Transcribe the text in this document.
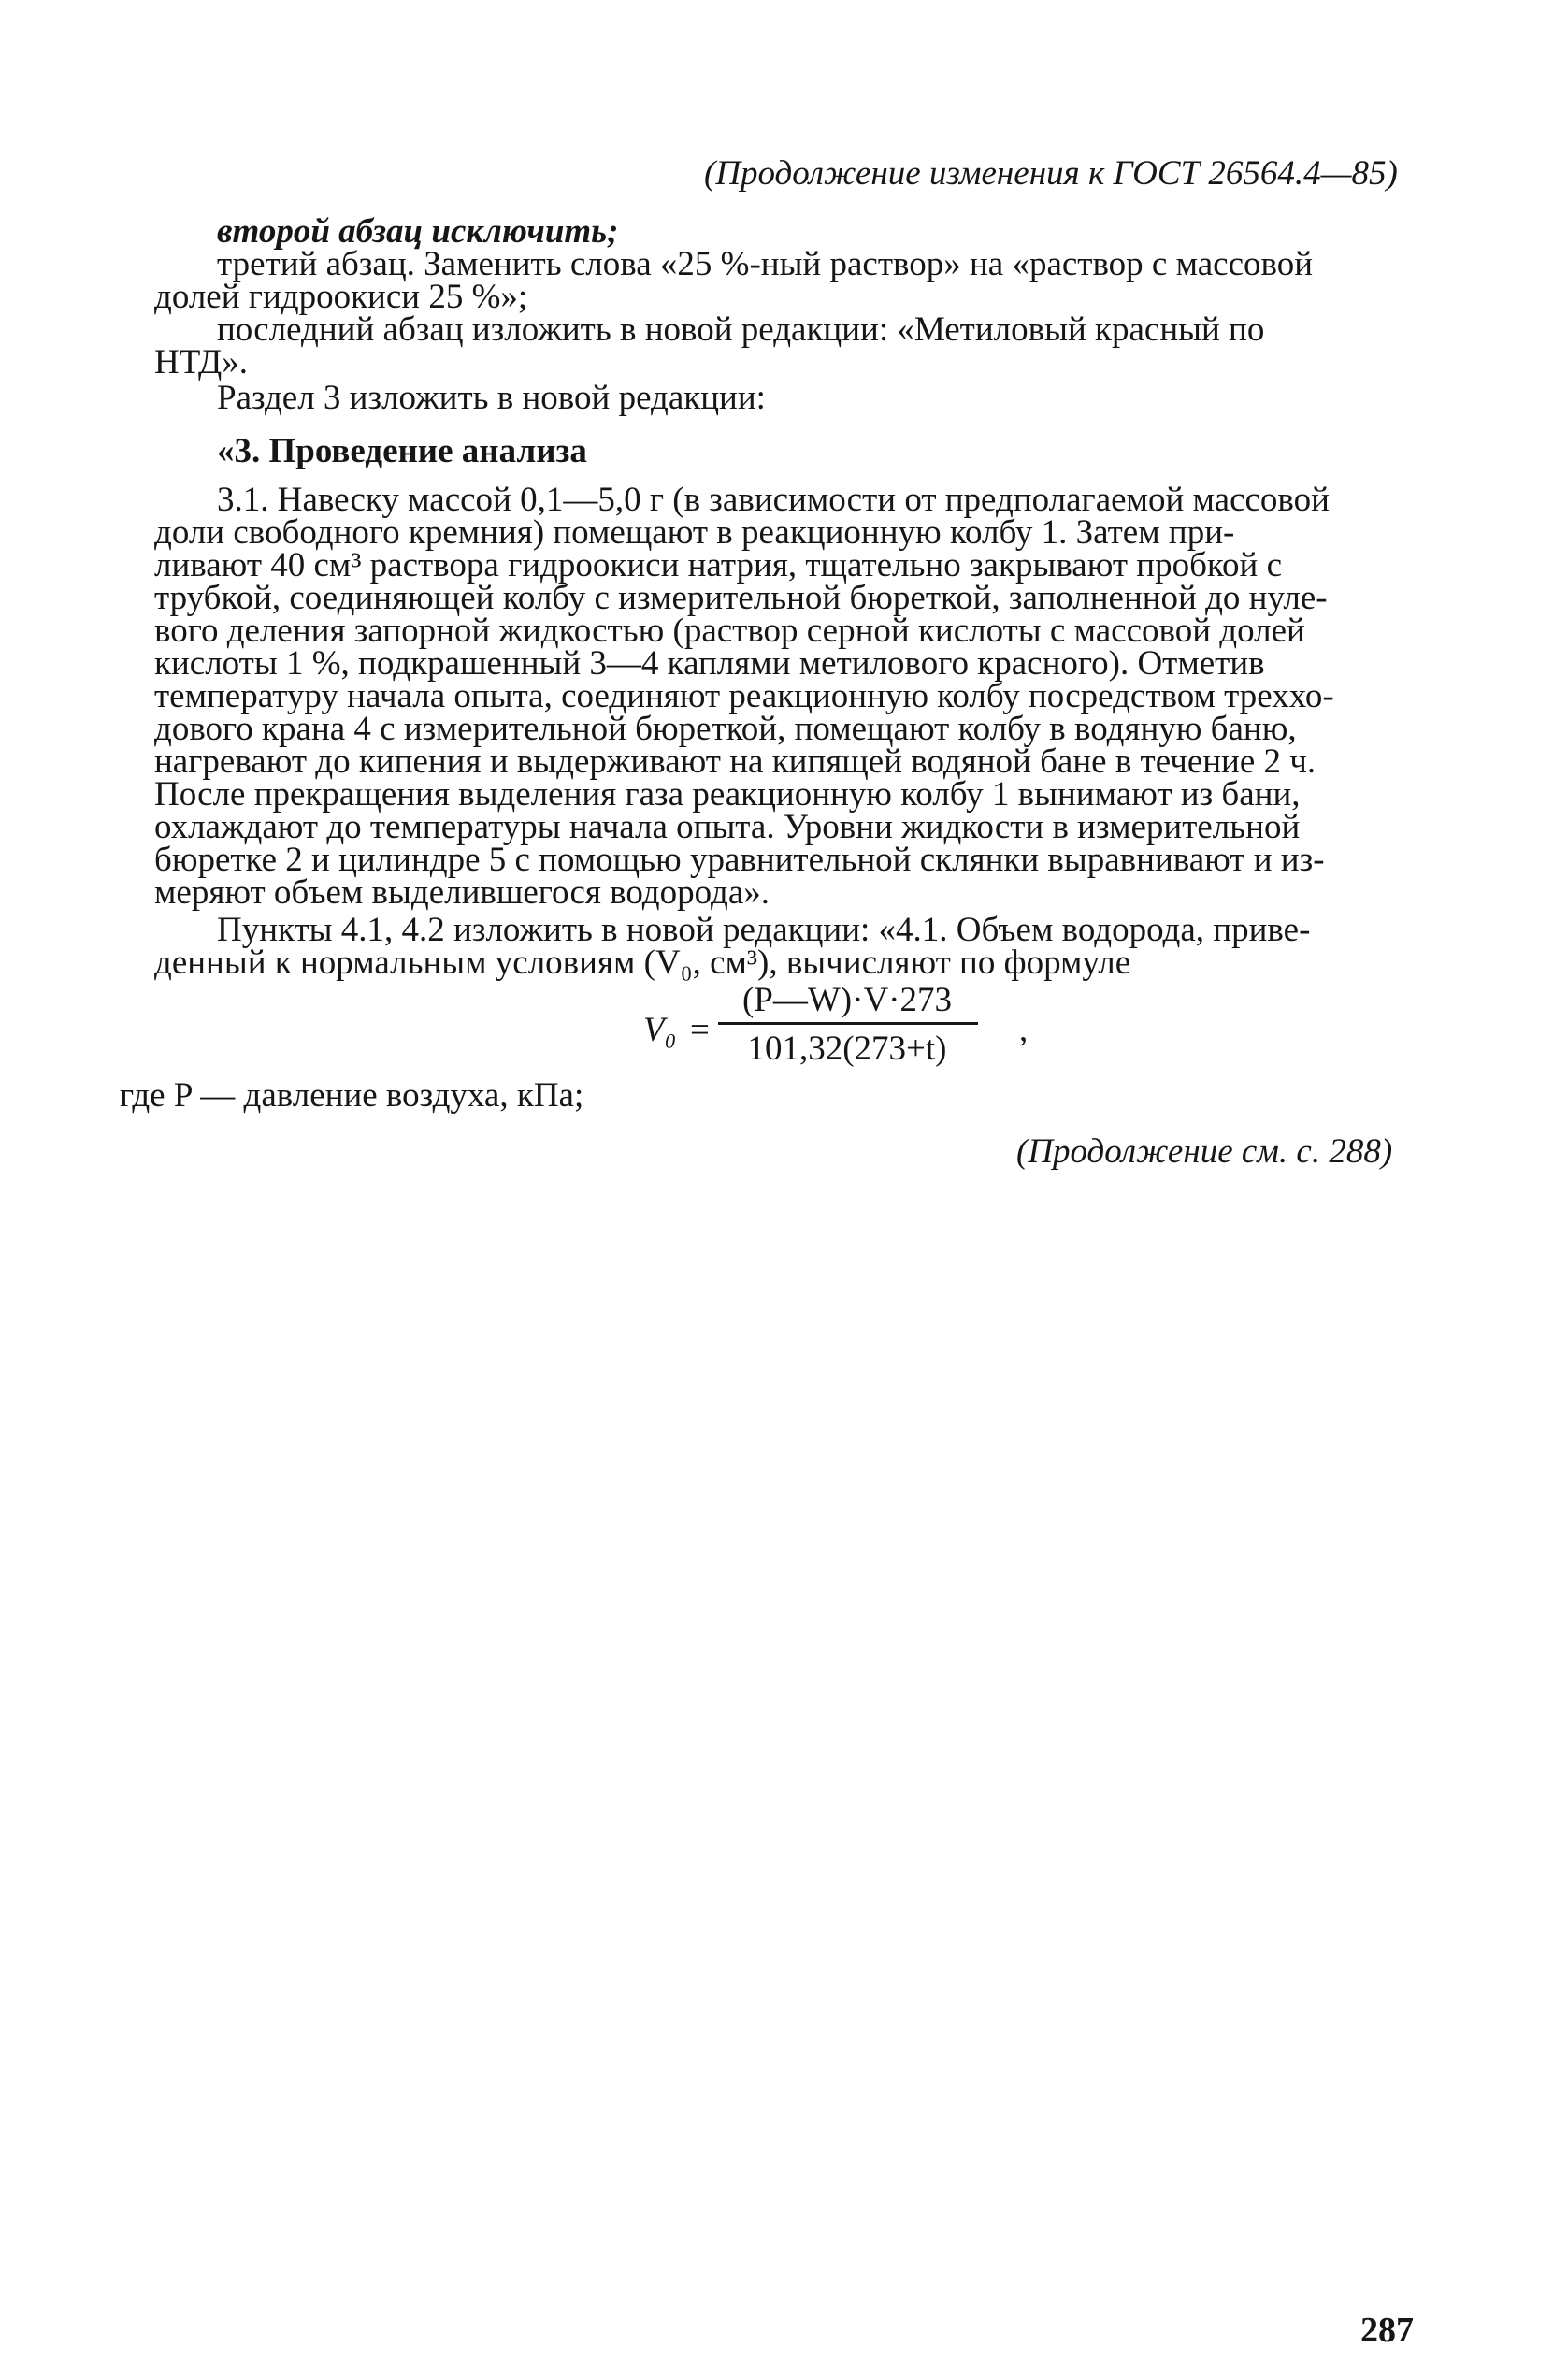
(Продолжение изменения к ГОСТ 26564.4—85)
второй абзац исключить;
третий абзац. Заменить слова «25 %-ный раствор» на «раствор с массовой
долей гидроокиси 25 %»;
последний абзац изложить в новой редакции: «Метиловый красный по
НТД».
Раздел 3 изложить в новой редакции:
«3. Проведение анализа
3.1. Навеску массой 0,1—5,0 г (в зависимости от предполагаемой массовой
доли свободного кремния) помещают в реакционную колбу 1. Затем при-
ливают 40 см³ раствора гидроокиси натрия, тщательно закрывают пробкой с
трубкой, соединяющей колбу с измерительной бюреткой, заполненной до нуле-
вого деления запорной жидкостью (раствор серной кислоты с массовой долей
кислоты 1 %, подкрашенный 3—4 каплями метилового красного). Отметив
температуру начала опыта, соединяют реакционную колбу посредством треххо-
дового крана 4 с измерительной бюреткой, помещают колбу в водяную баню,
нагревают до кипения и выдерживают на кипящей водяной бане в течение 2 ч.
После прекращения выделения газа реакционную колбу 1 вынимают из бани,
охлаждают до температуры начала опыта. Уровни жидкости в измерительной
бюретке 2 и цилиндре 5 с помощью уравнительной склянки выравнивают и из-
меряют объем выделившегося водорода».
Пункты 4.1, 4.2 изложить в новой редакции: «4.1. Объем водорода, приве-
денный к нормальным условиям (V₀, см³), вычисляют по формуле
V₀ =
(P—W)·V·273
101,32(273+t)	,
где P — давление воздуха, кПа;
(Продолжение см. с. 288)
287
